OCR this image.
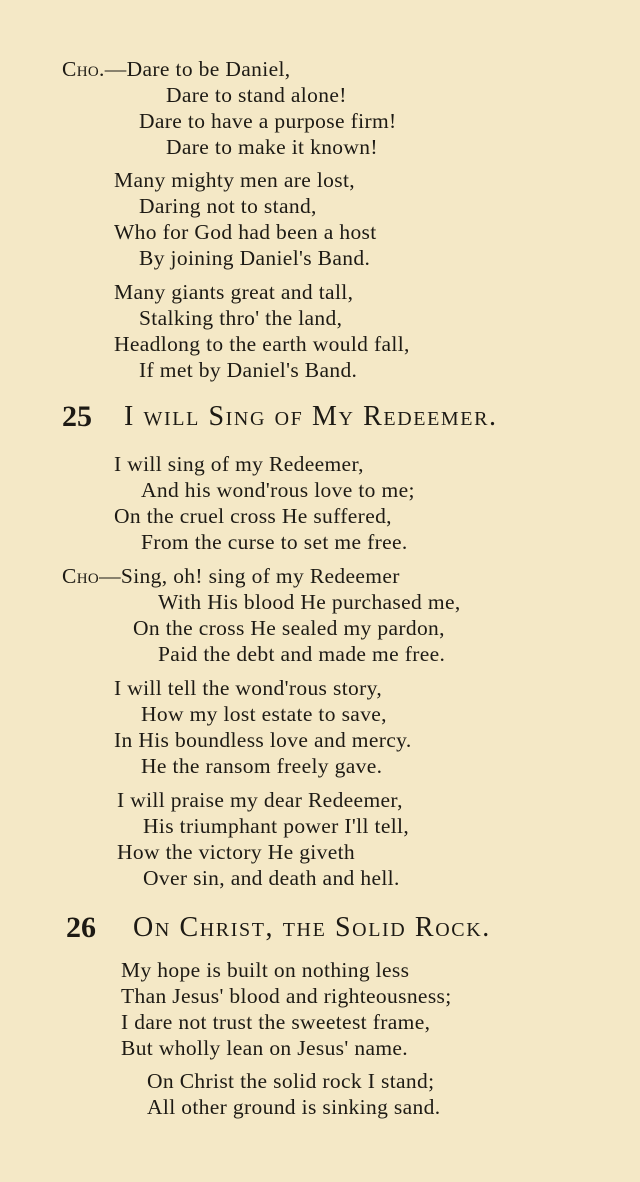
Cho.—Dare to be Daniel,
Dare to stand alone!
Dare to have a purpose firm!
Dare to make it known!
Many mighty men are lost,
Daring not to stand,
Who for God had been a host
By joining Daniel's Band.
Many giants great and tall,
Stalking thro' the land,
Headlong to the earth would fall,
If met by Daniel's Band.
25 I will Sing of My Redeemer.
I will sing of my Redeemer,
And his wond'rous love to me;
On the cruel cross He suffered,
From the curse to set me free.
Cho—Sing, oh! sing of my Redeemer
With His blood He purchased me,
On the cross He sealed my pardon,
Paid the debt and made me free.
I will tell the wond'rous story,
How my lost estate to save,
In His boundless love and mercy.
He the ransom freely gave.
I will praise my dear Redeemer,
His triumphant power I'll tell,
How the victory He giveth
Over sin, and death and hell.
26 On Christ, the Solid Rock.
My hope is built on nothing less
Than Jesus' blood and righteousness;
I dare not trust the sweetest frame,
But wholly lean on Jesus' name.
On Christ the solid rock I stand;
All other ground is sinking sand.
